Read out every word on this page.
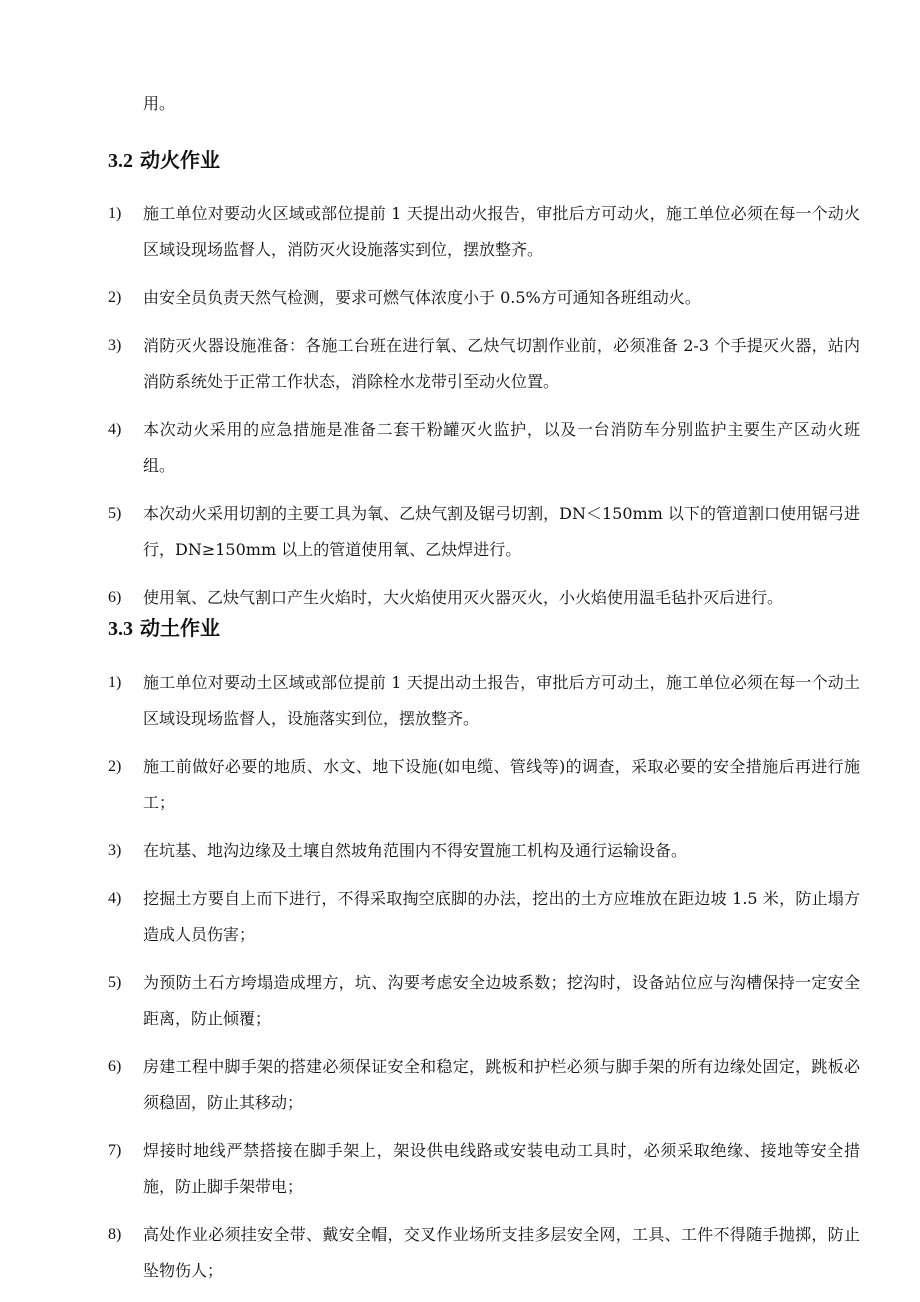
用。

3.2 动火作业
1) 施工单位对要动火区域或部位提前 1 天提出动火报告，审批后方可动火，施工单位必须在每一个动火区域设现场监督人，消防灭火设施落实到位，摆放整齐。
2) 由安全员负责天然气检测，要求可燃气体浓度小于 0.5%方可通知各班组动火。
3) 消防灭火器设施准备：各施工台班在进行氧、乙炔气切割作业前，必须准备 2-3 个手提灭火器，站内消防系统处于正常工作状态，消除栓水龙带引至动火位置。
4) 本次动火采用的应急措施是准备二套干粉罐灭火监护，以及一台消防车分别监护主要生产区动火班组。
5) 本次动火采用切割的主要工具为氧、乙炔气割及锯弓切割，DN＜150mm 以下的管道割口使用锯弓进行，DN≥150mm 以上的管道使用氧、乙炔焊进行。
6) 使用氧、乙炔气割口产生火焰时，大火焰使用灭火器灭火，小火焰使用温毛毡扑灭后进行。
3.3 动土作业
1) 施工单位对要动土区域或部位提前 1 天提出动土报告，审批后方可动土，施工单位必须在每一个动土区域设现场监督人，设施落实到位，摆放整齐。
2) 施工前做好必要的地质、水文、地下设施(如电缆、管线等)的调查，采取必要的安全措施后再进行施工；
3) 在坑基、地沟边缘及土壤自然坡角范围内不得安置施工机构及通行运输设备。
4) 挖掘土方要自上而下进行，不得采取掏空底脚的办法，挖出的土方应堆放在距边坡 1.5 米，防止塌方造成人员伤害；
5) 为预防土石方垮塌造成埋方，坑、沟要考虑安全边坡系数；挖沟时，设备站位应与沟槽保持一定安全距离，防止倾覆；
6) 房建工程中脚手架的搭建必须保证安全和稳定，跳板和护栏必须与脚手架的所有边缘处固定，跳板必须稳固，防止其移动；
7) 焊接时地线严禁搭接在脚手架上，架设供电线路或安装电动工具时，必须采取绝缘、接地等安全措施，防止脚手架带电；
8) 高处作业必须挂安全带、戴安全帽，交叉作业场所支挂多层安全网，工具、工件不得随手抛掷，防止坠物伤人；
